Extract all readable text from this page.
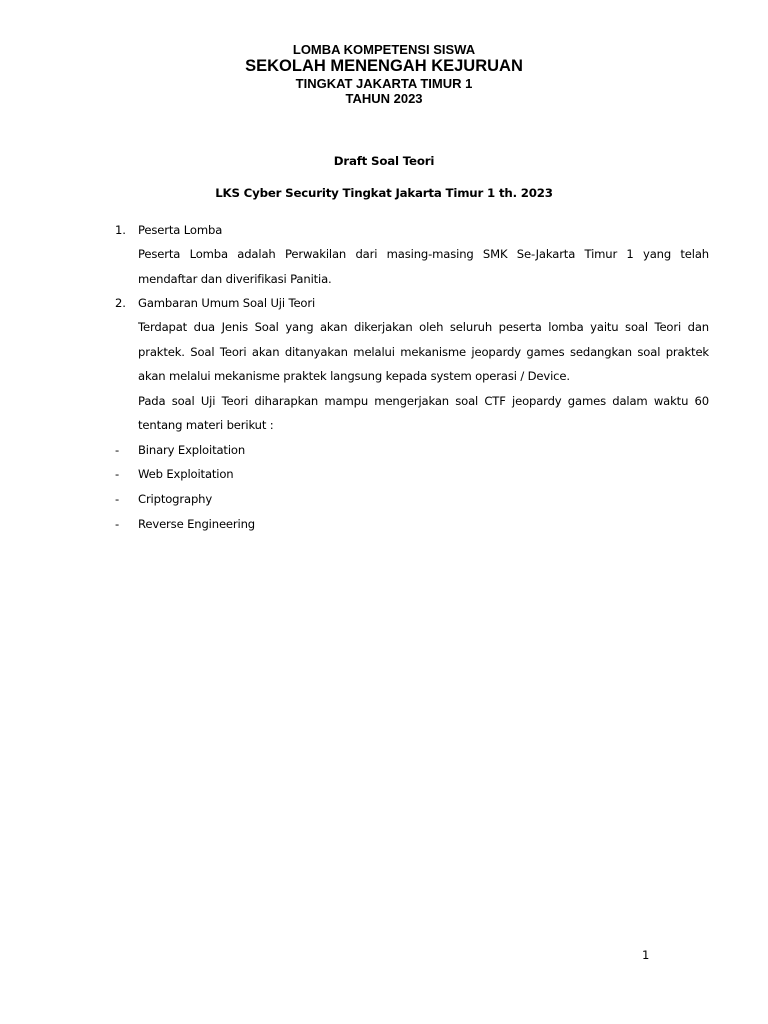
LOMBA KOMPETENSI SISWA
SEKOLAH MENENGAH KEJURUAN
TINGKAT JAKARTA TIMUR 1
TAHUN 2023
Draft Soal Teori
LKS Cyber Security Tingkat Jakarta Timur 1 th. 2023
1.	Peserta Lomba
Peserta Lomba adalah Perwakilan dari masing-masing SMK Se-Jakarta Timur 1 yang telah
mendaftar dan diverifikasi Panitia.
2.	Gambaran Umum Soal Uji Teori
Terdapat dua Jenis Soal yang akan dikerjakan oleh seluruh peserta lomba yaitu soal Teori dan
praktek. Soal Teori akan ditanyakan melalui mekanisme jeopardy games sedangkan soal praktek
akan melalui mekanisme praktek langsung kepada system operasi / Device.
Pada soal Uji Teori diharapkan mampu mengerjakan soal CTF jeopardy games dalam waktu 60
tentang materi berikut :
-	Binary Exploitation
-	Web Exploitation
-	Criptography
-	Reverse Engineering
1
